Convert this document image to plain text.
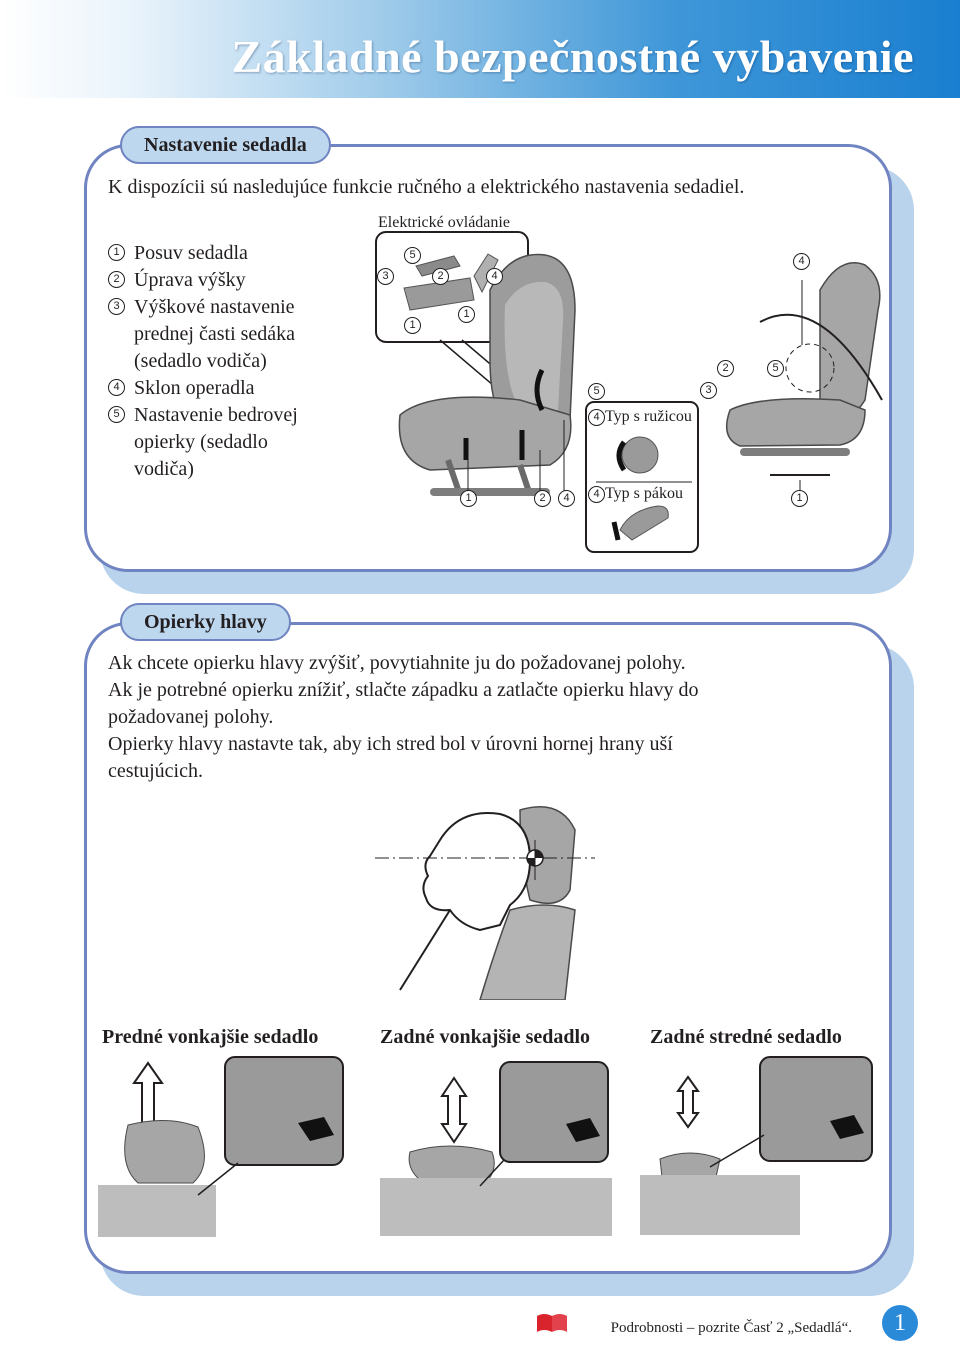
Základné bezpečnostné vybavenie
Nastavenie sedadla
K dispozícii sú nasledujúce funkcie ručného a elektrického nastavenia sedadiel.
1 Posuv sedadla
2 Úprava výšky
3 Výškové nastavenie
prednej časti sedáka
(sedadlo vodiča)
4 Sklon operadla
5 Nastavenie bedrovej
opierky (sedadlo
vodiča)
Elektrické ovládanie
5
3	2	4
1
1
5
1	2	4
4 Typ s ružicou
4 Typ s pákou
4
2	5
3
1
Opierky hlavy

Ak chcete opierku hlavy zvýšiť, povytiahnite ju do požadovanej polohy.

Ak je potrebné opierku znížiť, stlačte západku a zatlačte opierku hlavy do

požadovanej polohy.

Opierky hlavy nastavte tak, aby ich stred bol v úrovni hornej hrany uší

cestujúcich.

Predné vonkajšie sedadlo	Zadné vonkajšie sedadlo	Zadné stredné sedadlo
Podrobnosti – pozrite Časť 2 „Sedadlá“.	1
